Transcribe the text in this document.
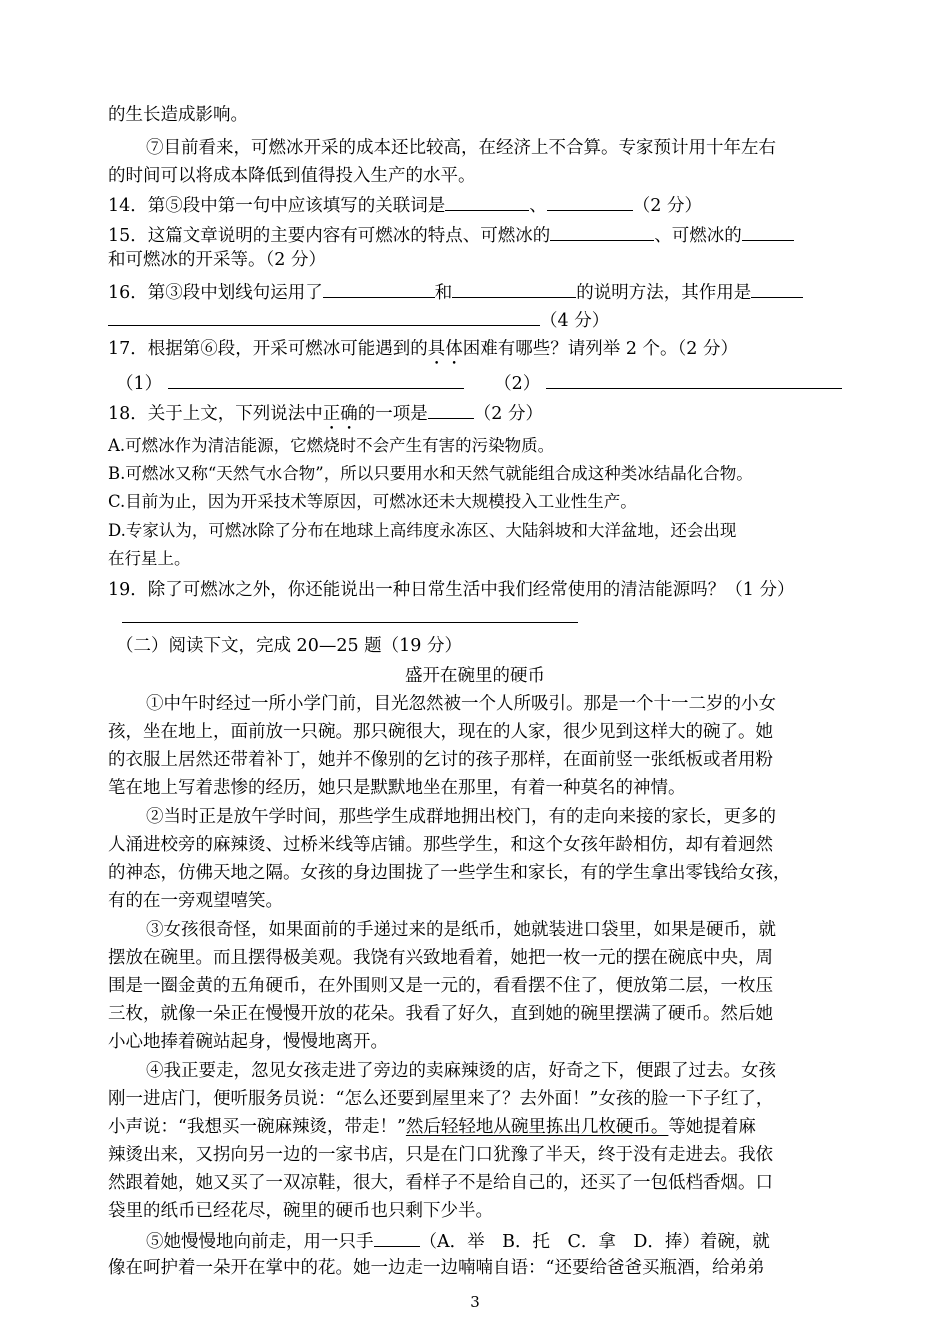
的生长造成影响。
⑦目前看来，可燃冰开采的成本还比较高，在经济上不合算。专家预计用十年左右
的时间可以将成本降低到值得投入生产的水平。
14．第⑤段中第一句中应该填写的关联词是	、	（2 分）
15．这篇文章说明的主要内容有可燃冰的特点、可燃冰的	、可燃冰的
和可燃冰的开采等。（2 分）
16．第③段中划线句运用了	和	的说明方法，其作用是
（4 分）
17．根据第⑥段，开采可燃冰可能遇到的具体困难有哪些？请列举 2 个。（2 分）
（1）	（2）
18．关于上文，下列说法中正确的一项是	（2 分）
A.可燃冰作为清洁能源，它燃烧时不会产生有害的污染物质。
B.可燃冰又称“天然气水合物”，所以只要用水和天然气就能组合成这种类冰结晶化合物。
C.目前为止，因为开采技术等原因，可燃冰还未大规模投入工业性生产。
D.专家认为，可燃冰除了分布在地球上高纬度永冻区、大陆斜坡和大洋盆地，还会出现
在行星上。
19．除了可燃冰之外，你还能说出一种日常生活中我们经常使用的清洁能源吗？（1 分）
（二）阅读下文，完成 20—25 题（19 分）
盛开在碗里的硬币
①中午时经过一所小学门前，目光忽然被一个人所吸引。那是一个十一二岁的小女
孩，坐在地上，面前放一只碗。那只碗很大，现在的人家，很少见到这样大的碗了。她
的衣服上居然还带着补丁，她并不像别的乞讨的孩子那样，在面前竖一张纸板或者用粉
笔在地上写着悲惨的经历，她只是默默地坐在那里，有着一种莫名的神情。
②当时正是放午学时间，那些学生成群地拥出校门，有的走向来接的家长，更多的
人涌进校旁的麻辣烫、过桥米线等店铺。那些学生，和这个女孩年龄相仿，却有着迥然
的神态，仿佛天地之隔。女孩的身边围拢了一些学生和家长，有的学生拿出零钱给女孩，
有的在一旁观望嘻笑。
③女孩很奇怪，如果面前的手递过来的是纸币，她就装进口袋里，如果是硬币，就
摆放在碗里。而且摆得极美观。我饶有兴致地看着，她把一枚一元的摆在碗底中央，周
围是一圈金黄的五角硬币，在外围则又是一元的，看看摆不住了，便放第二层，一枚压
三枚，就像一朵正在慢慢开放的花朵。我看了好久，直到她的碗里摆满了硬币。然后她
小心地捧着碗站起身，慢慢地离开。
④我正要走，忽见女孩走进了旁边的卖麻辣烫的店，好奇之下，便跟了过去。女孩
刚一进店门，便听服务员说：“怎么还要到屋里来了？去外面！”女孩的脸一下子红了，
小声说：“我想买一碗麻辣烫，带走！”然后轻轻地从碗里拣出几枚硬币。等她提着麻
辣烫出来，又拐向另一边的一家书店，只是在门口犹豫了半天，终于没有走进去。我依
然跟着她，她又买了一双凉鞋，很大，看样子不是给自己的，还买了一包低档香烟。口
袋里的纸币已经花尽，碗里的硬币也只剩下少半。
⑤她慢慢地向前走，用一只手	（A．举　B．托　C．拿　D．捧）着碗，就
像在呵护着一朵开在掌中的花。她一边走一边喃喃自语：“还要给爸爸买瓶酒，给弟弟
3
